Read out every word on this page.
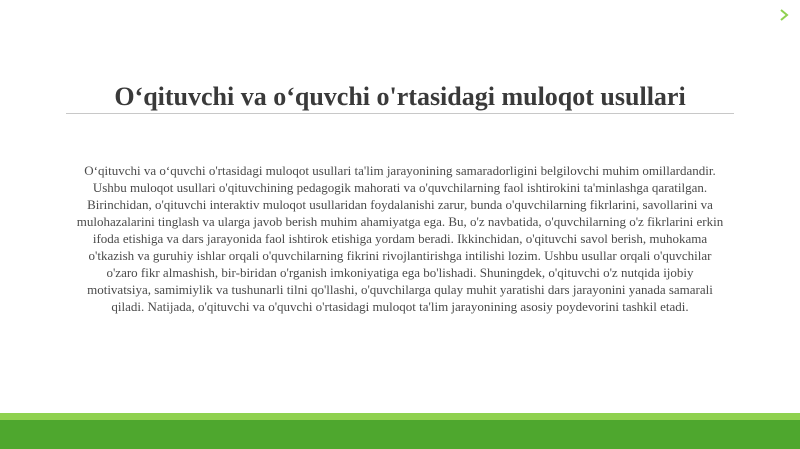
O‘qituvchi va o‘quvchi o'rtasidagi muloqot usullari

O‘qituvchi va o‘quvchi o'rtasidagi muloqot usullari ta'lim jarayonining samaradorligini belgilovchi muhim omillardandir. Ushbu muloqot usullari o'qituvchining pedagogik mahorati va o'quvchilarning faol ishtirokini ta'minlashga qaratilgan. Birinchidan, o'qituvchi interaktiv muloqot usullaridan foydalanishi zarur, bunda o'quvchilarning fikrlarini, savollarini va mulohazalarini tinglash va ularga javob berish muhim ahamiyatga ega. Bu, o'z navbatida, o'quvchilarning o'z fikrlarini erkin ifoda etishiga va dars jarayonida faol ishtirok etishiga yordam beradi. Ikkinchidan, o'qituvchi savol berish, muhokama o'tkazish va guruhiy ishlar orqali o'quvchilarning fikrini rivojlantirishga intilishi lozim. Ushbu usullar orqali o'quvchilar o'zaro fikr almashish, bir-biridan o'rganish imkoniyatiga ega bo'lishadi. Shuningdek, o'qituvchi o'z nutqida ijobiy motivatsiya, samimiylik va tushunarli tilni qo'llashi, o'quvchilarga qulay muhit yaratishi dars jarayonini yanada samarali qiladi. Natijada, o'qituvchi va o'quvchi o'rtasidagi muloqot ta'lim jarayonining asosiy poydevorini tashkil etadi.
